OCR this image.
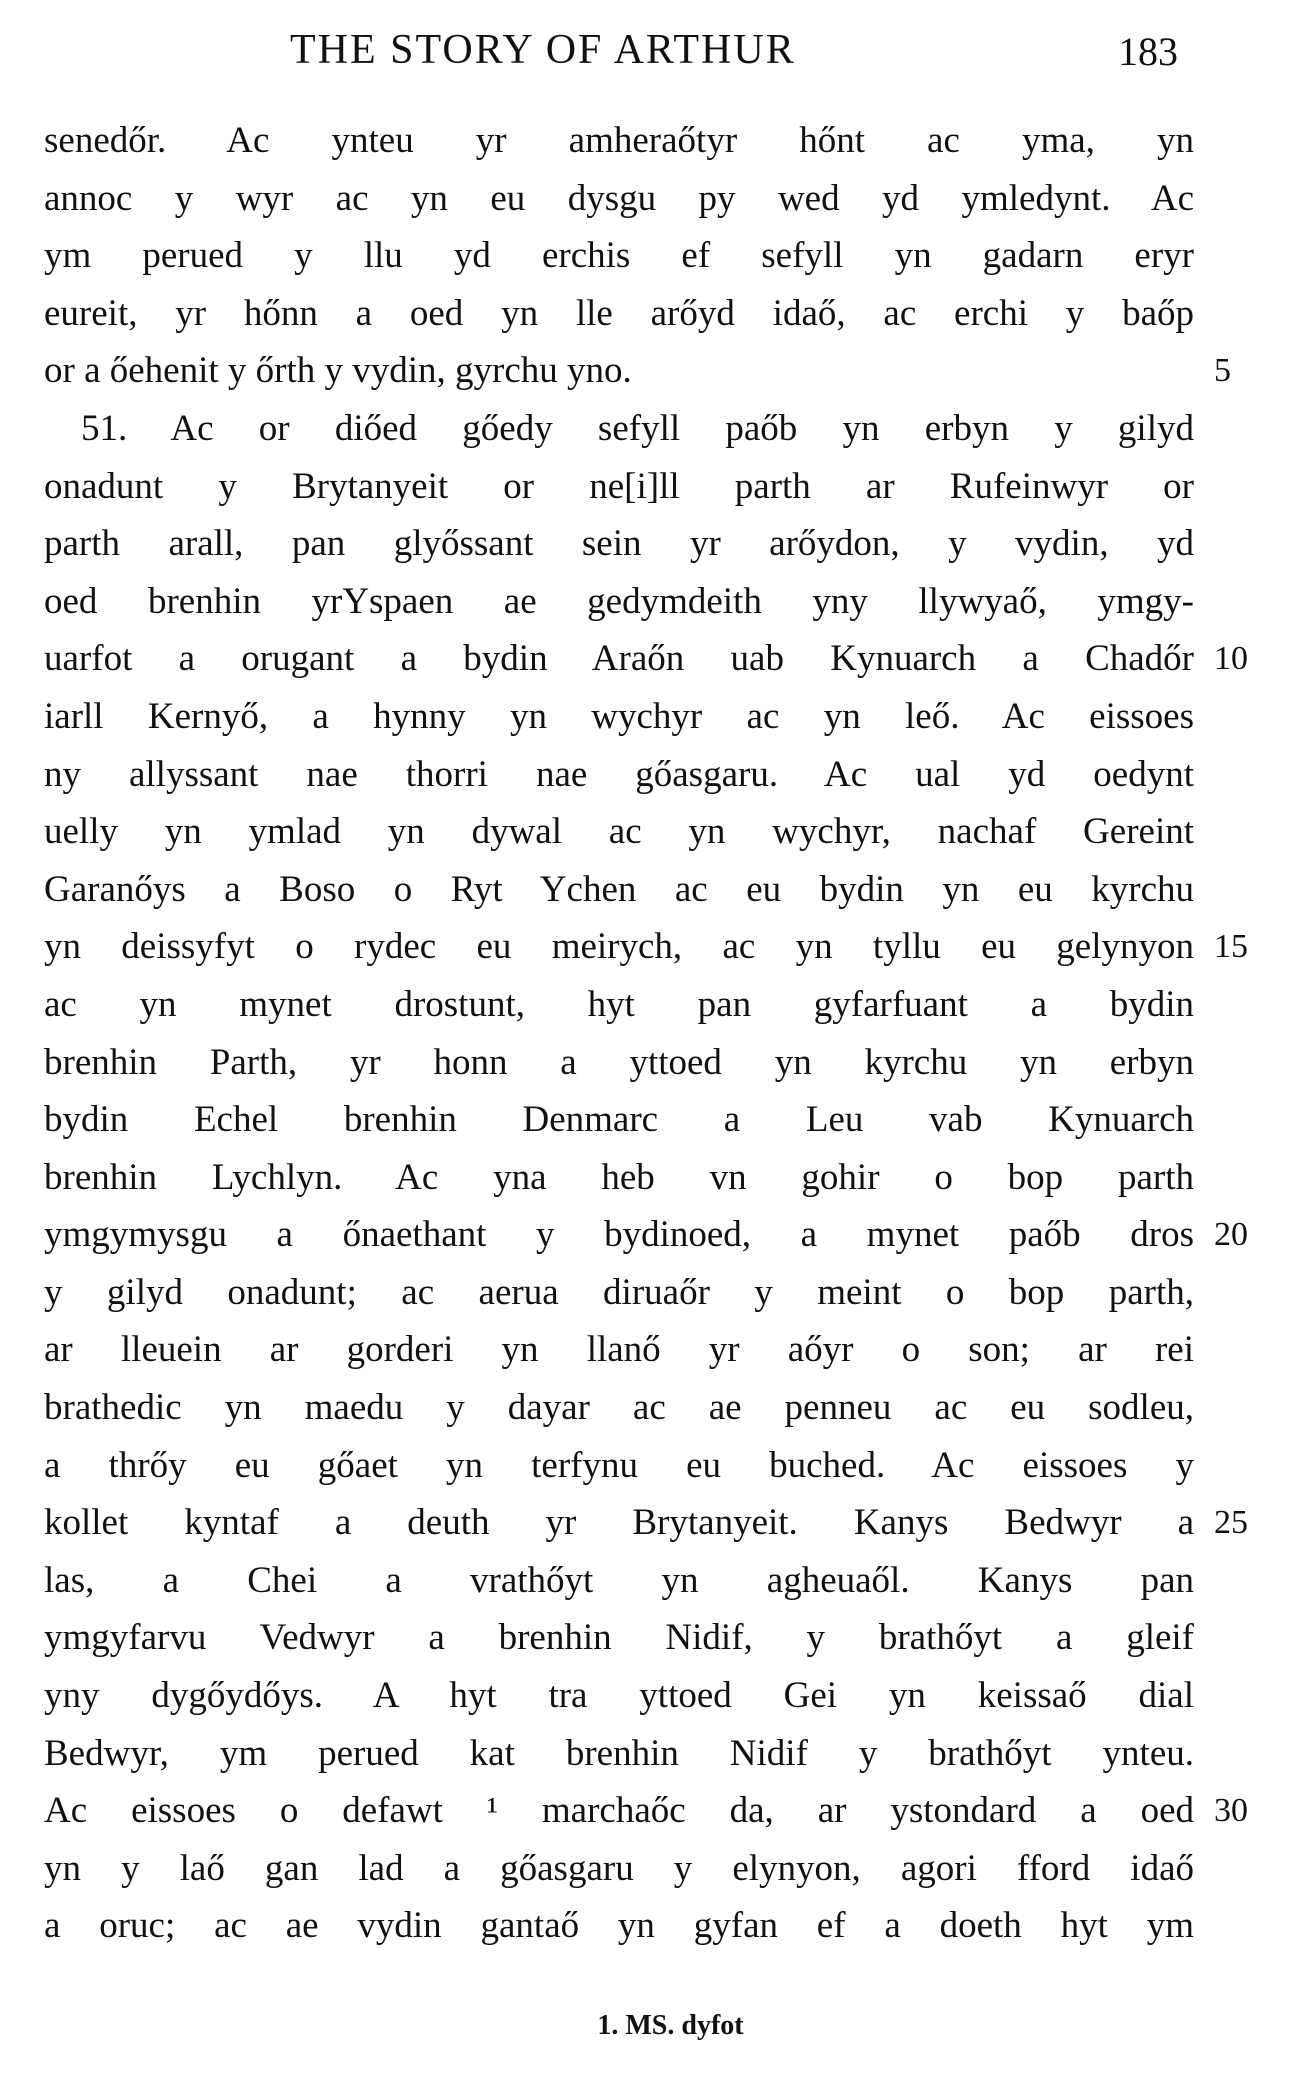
THE STORY OF ARTHUR	183
senedőr. Ac ynteu yr amheraőtyr hőnt ac yma, yn
annoc y wyr ac yn eu dysgu py wed yd ymledynt. Ac
ym perued y llu yd erchis ef sefyll yn gadarn eryr
eureit, yr hőnn a oed yn lle arőyd idaő, ac erchi y baőp
or a őehenit y őrth y vydin, gyrchu yno.	5
51. Ac or diőed gőedy sefyll paőb yn erbyn y gilyd
onadunt y Brytanyeit or ne[i]ll parth ar Rufeinwyr or
parth arall, pan glyőssant sein yr arőydon, y vydin, yd
oed brenhin yrYspaen ae gedymdeith yny llywyaő, ymgy-
uarfot a orugant a bydin Araőn uab Kynuarch a Chadőr 10
iarll Kernyő, a hynny yn wychyr ac yn leő. Ac eissoes
ny allyssant nae thorri nae gőasgaru. Ac ual yd oedynt
uelly yn ymlad yn dywal ac yn wychyr, nachaf Gereint
Garanőys a Boso o Ryt Ychen ac eu bydin yn eu kyrchu
yn deissyfyt o rydec eu meirych, ac yn tyllu eu gelynyon 15
ac yn mynet drostunt, hyt pan gyfarfuant a bydin
brenhin Parth, yr honn a yttoed yn kyrchu yn erbyn
bydin Echel brenhin Denmarc a Leu vab Kynuarch
brenhin Lychlyn. Ac yna heb vn gohir o bop parth
ymgymysgu a őnaethant y bydinoed, a mynet paőb dros 20
y gilyd onadunt; ac aerua diruaőr y meint o bop parth,
ar lleuein ar gorderi yn llanő yr aőyr o son; ar rei
brathedic yn maedu y dayar ac ae penneu ac eu sodleu,
a thrőy eu gőaet yn terfynu eu buched. Ac eissoes y
kollet kyntaf a deuth yr Brytanyeit. Kanys Bedwyr a 25
las, a Chei a vrathőyt yn agheuaől. Kanys pan
ymgyfarvu Vedwyr a brenhin Nidif, y brathőyt a gleif
yny dygőydőys. A hyt tra yttoed Gei yn keissaő dial
Bedwyr, ym perued kat brenhin Nidif y brathőyt ynteu.
Ac eissoes o defawt ¹ marchaőc da, ar ystondard a oed 30
yn y laő gan lad a gőasgaru y elynyon, agori fford idaő
a oruc; ac ae vydin gantaő yn gyfan ef a doeth hyt ym
1. MS. dyfot
